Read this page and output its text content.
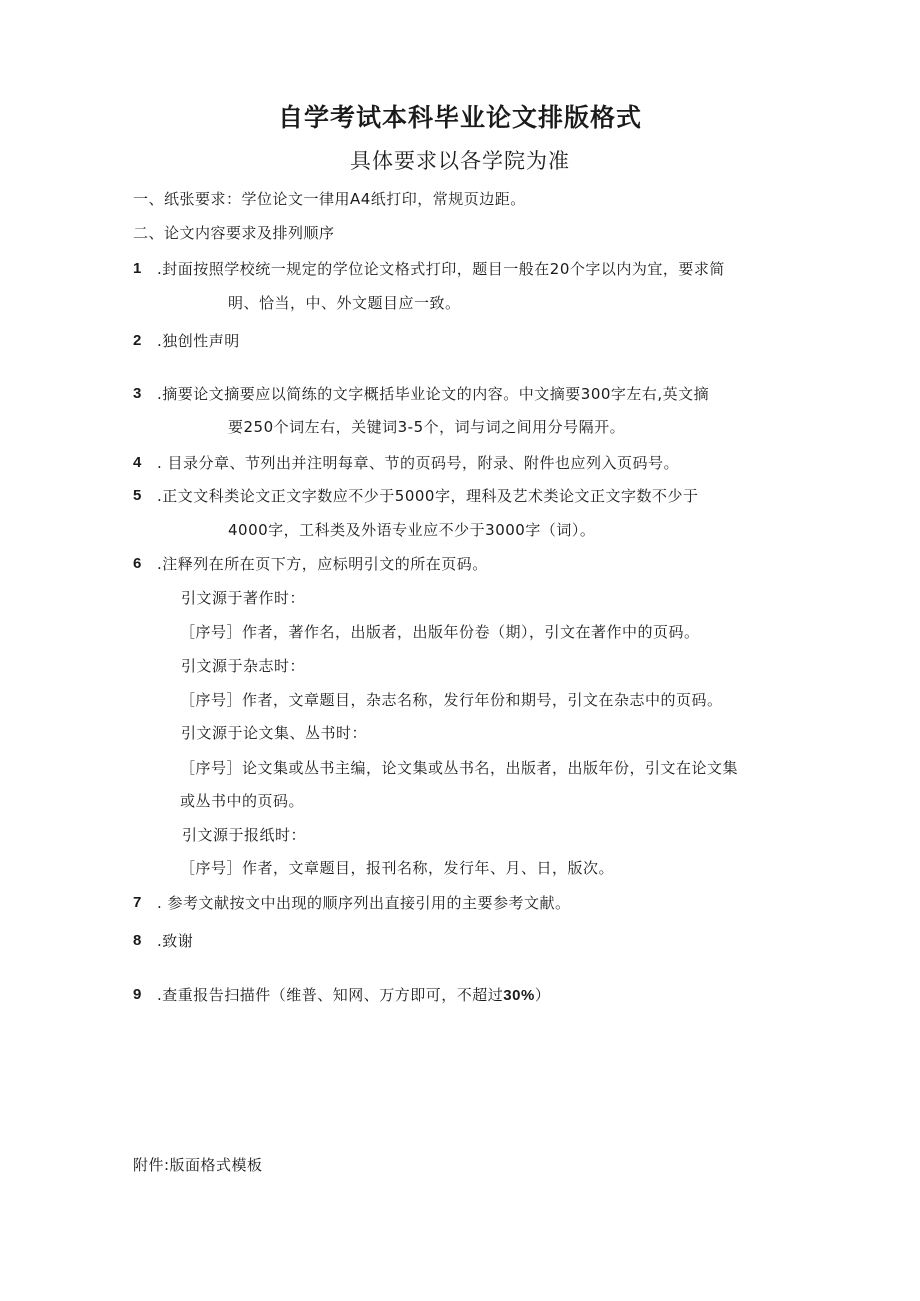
自学考试本科毕业论文排版格式
具体要求以各学院为准
一、纸张要求：学位论文一律用A4纸打印，常规页边距。
二、论文内容要求及排列顺序
1 .封面按照学校统一规定的学位论文格式打印，题目一般在20个字以内为宜，要求简
明、恰当，中、外文题目应一致。
2 .独创性声明
3 .摘要论文摘要应以简练的文字概括毕业论文的内容。中文摘要300字左右,英文摘
要250个词左右，关键词3-5个，词与词之间用分号隔开。
4 . 目录分章、节列出并注明每章、节的页码号，附录、附件也应列入页码号。
5 .正文文科类论文正文字数应不少于5000字，理科及艺术类论文正文字数不少于
4000字，工科类及外语专业应不少于3000字（词）。
6 .注释列在所在页下方，应标明引文的所在页码。
引文源于著作时：
［序号］作者，著作名，出版者，出版年份卷（期），引文在著作中的页码。
引文源于杂志时：
［序号］作者，文章题目，杂志名称，发行年份和期号，引文在杂志中的页码。
引文源于论文集、丛书时：
［序号］论文集或丛书主编，论文集或丛书名，出版者，出版年份，引文在论文集
或丛书中的页码。
引文源于报纸时：
［序号］作者，文章题目，报刊名称，发行年、月、日，版次。
7 . 参考文献按文中出现的顺序列出直接引用的主要参考文献。
8 .致谢
9 .查重报告扫描件（维普、知网、万方即可，不超过30%）
附件:版面格式模板
